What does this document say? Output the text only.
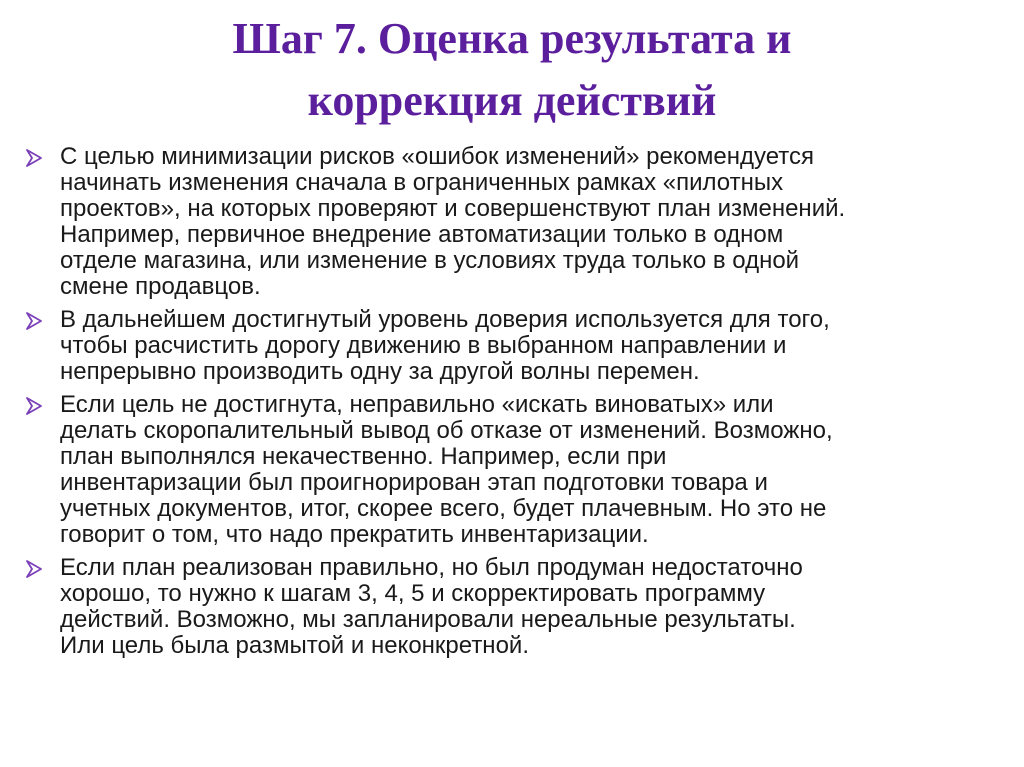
Шаг 7. Оценка результата и
коррекция действий
С целью минимизации рисков «ошибок изменений» рекомендуется
начинать изменения сначала в ограниченных рамках «пилотных
проектов», на которых проверяют и совершенствуют план изменений.
Например, первичное внедрение автоматизации только в одном
отделе магазина, или изменение в условиях труда только в одной
смене продавцов.
В дальнейшем достигнутый уровень доверия используется для того,
чтобы расчистить дорогу движению в выбранном направлении и
непрерывно производить одну за другой волны перемен.
Если цель не достигнута, неправильно «искать виноватых» или
делать скоропалительный вывод об отказе от изменений. Возможно,
план выполнялся некачественно. Например, если при
инвентаризации был проигнорирован этап подготовки товара и
учетных документов, итог, скорее всего, будет плачевным. Но это не
говорит о том, что надо прекратить инвентаризации.
Если план реализован правильно, но был продуман недостаточно
хорошо, то нужно к шагам 3, 4, 5 и скорректировать программу
действий. Возможно, мы запланировали нереальные результаты.
Или цель была размытой и неконкретной.
